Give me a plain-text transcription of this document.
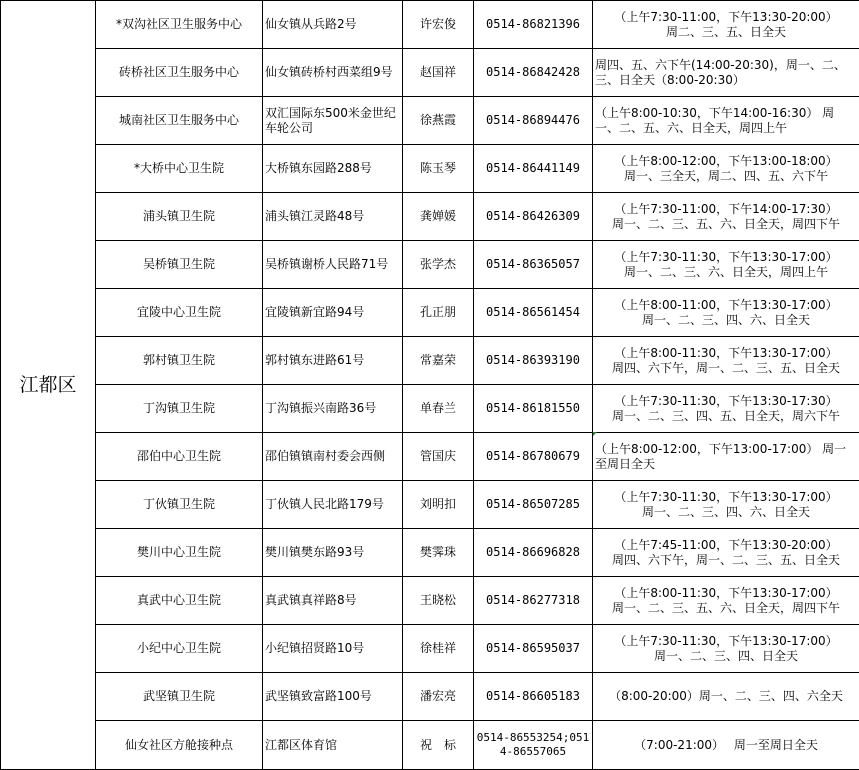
江都区	*双沟社区卫生服务中心	仙女镇从兵路2号	许宏俊	0514-86821396	（上午7:30-11:00，下午13:30-20:00）
周二、三、五、日全天

	砖桥社区卫生服务中心	仙女镇砖桥村西菜组9号	赵国祥	0514-86842428	周四、五、六下午(14:00-20:30)，周一、二、三、日全天（8:00-20:30）
	城南社区卫生服务中心	双汇国际东500米金世纪车轮公司	徐燕霞	0514-86894476	（上午8:00-10:30，下午14:00-16:30） 周一、二、五、六、日全天，周四上午
	*大桥中心卫生院	大桥镇东园路288号	陈玉琴	0514-86441149	（上午8:00-12:00，下午13:00-18:00）
周一、三全天，周二、四、五、六下午

	浦头镇卫生院	浦头镇江灵路48号	龚婵媛	0514-86426309	（上午7:30-11:00，下午14:00-17:30）
周一、二、三、五、六、日全天，周四下午

	吴桥镇卫生院	吴桥镇谢桥人民路71号	张学杰	0514-86365057	（上午7:30-11:30，下午13:30-17:00）
周一、二、三、六、日全天，周四上午

	宜陵中心卫生院	宜陵镇新宜路94号	孔正朋	0514-86561454	（上午8:00-11:00，下午13:30-17:00）
周一、二、三、四、六、日全天

	郭村镇卫生院	郭村镇东进路61号	常嘉荣	0514-86393190	（上午8:00-11:30，下午13:30-17:00）
周四、六下午，周一、二、三、五、日全天

	丁沟镇卫生院	丁沟镇振兴南路36号	单春兰	0514-86181550	（上午7:30-11:30，下午13:30-17:30）
周一、二、三、四、五、日全天，周六下午

	邵伯中心卫生院	邵伯镇镇南村委会西侧	管国庆	0514-86780679	（上午8:00-12:00，下午13:00-17:00） 周一至周日全天
	丁伙镇卫生院	丁伙镇人民北路179号	刘明扣	0514-86507285	（上午7:30-11:30，下午13:30-17:00）
周一、二、三、四、六、日全天

	樊川中心卫生院	樊川镇樊东路93号	樊霁珠	0514-86696828	（上午7:45-11:00，下午13:30-20:00）
周四、六下午，周一、二、三、五、日全天

	真武中心卫生院	真武镇真祥路8号	王晓松	0514-86277318	（上午8:00-11:30，下午13:30-17:00）
周一、二、三、五、六、日全天，周四下午

	小纪中心卫生院	小纪镇招贤路10号	徐桂祥	0514-86595037	（上午7:30-11:30，下午13:30-17:00）
周一、二、三、四、日全天

	武坚镇卫生院	武坚镇致富路100号	潘宏亮	0514-86605183	（8:00-20:00）周一、二、三、四、六全天
	仙女社区方舱接种点	江都区体育馆	祝　标	0514-86553254;0514-86557065	（7:00-21:00）　 周一至周日全天
